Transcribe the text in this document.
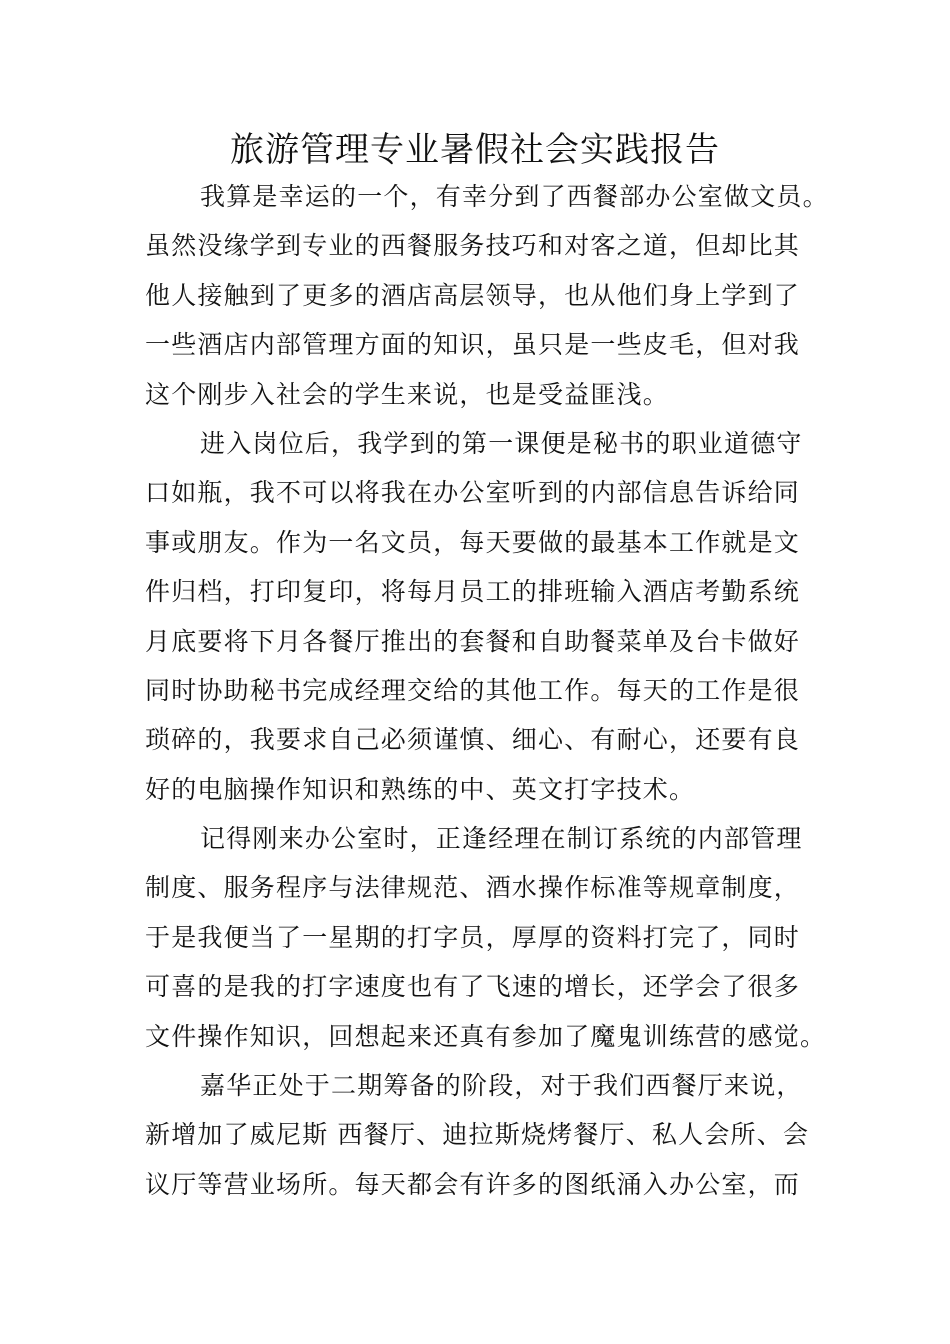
旅游管理专业暑假社会实践报告
我算是幸运的一个，有幸分到了西餐部办公室做文员。
虽然没缘学到专业的西餐服务技巧和对客之道，但却比其
他人接触到了更多的酒店高层领导，也从他们身上学到了
一些酒店内部管理方面的知识，虽只是一些皮毛，但对我
这个刚步入社会的学生来说，也是受益匪浅。
进入岗位后，我学到的第一课便是秘书的职业道德守
口如瓶，我不可以将我在办公室听到的内部信息告诉给同
事或朋友。作为一名文员，每天要做的最基本工作就是文
件归档，打印复印，将每月员工的排班输入酒店考勤系统
月底要将下月各餐厅推出的套餐和自助餐菜单及台卡做好
同时协助秘书完成经理交给的其他工作。每天的工作是很
琐碎的，我要求自己必须谨慎、细心、有耐心，还要有良
好的电脑操作知识和熟练的中、英文打字技术。
记得刚来办公室时，正逢经理在制订系统的内部管理
制度、服务程序与法律规范、酒水操作标准等规章制度，
于是我便当了一星期的打字员，厚厚的资料打完了，同时
可喜的是我的打字速度也有了飞速的增长，还学会了很多
文件操作知识，回想起来还真有参加了魔鬼训练营的感觉。
嘉华正处于二期筹备的阶段，对于我们西餐厅来说，
新增加了威尼斯 西餐厅、迪拉斯烧烤餐厅、私人会所、会
议厅等营业场所。每天都会有许多的图纸涌入办公室，而
